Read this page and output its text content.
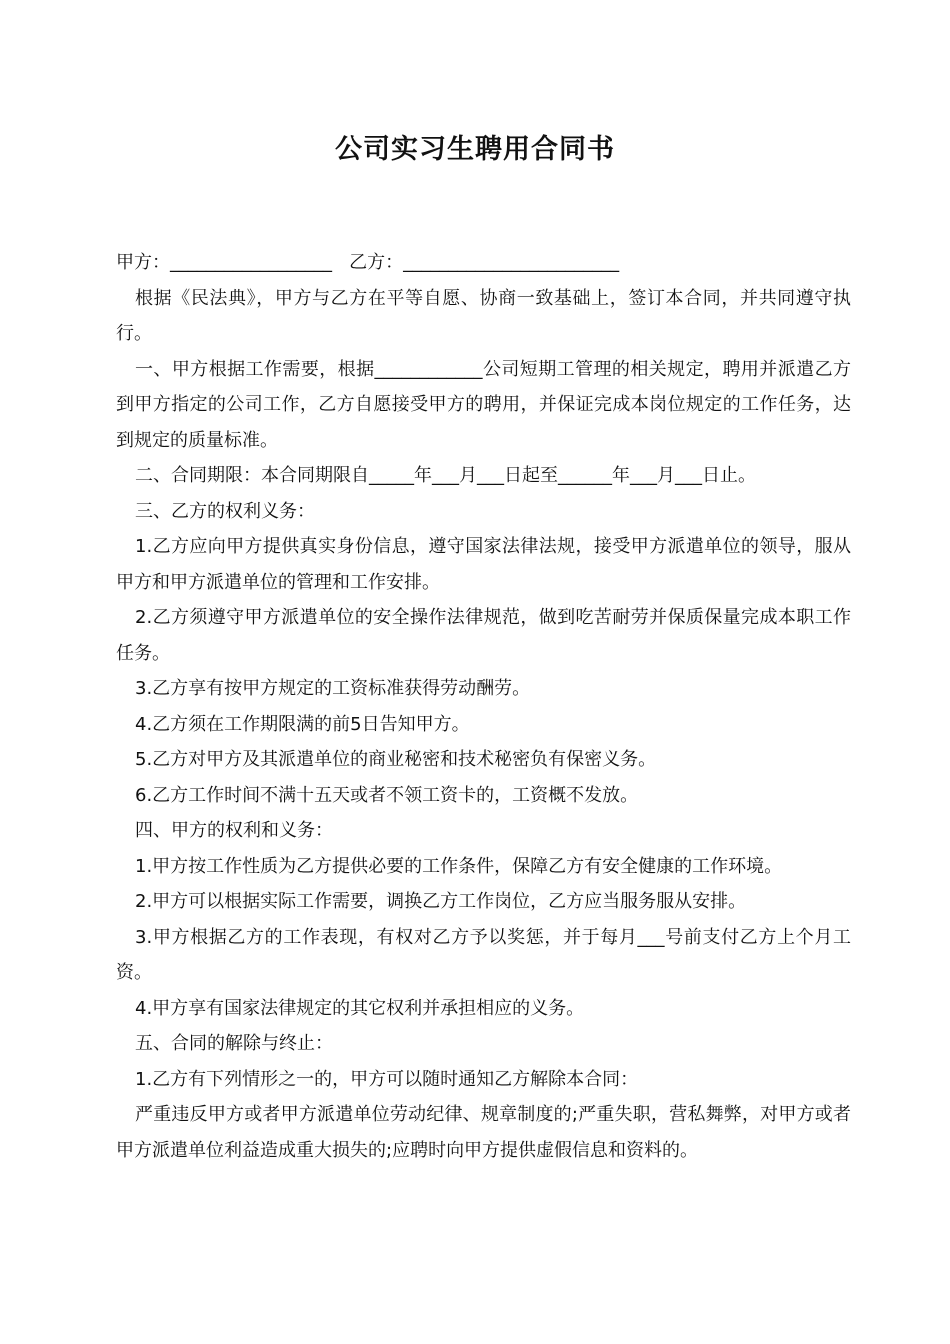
公司实习生聘用合同书

甲方：__________________   乙方：________________________

根据《民法典》，甲方与乙方在平等自愿、协商一致基础上，签订本合同，并共同遵守执行。

一、甲方根据工作需要，根据____________公司短期工管理的相关规定，聘用并派遣乙方到甲方指定的公司工作，乙方自愿接受甲方的聘用，并保证完成本岗位规定的工作任务，达到规定的质量标准。

二、合同期限：本合同期限自_____年___月___日起至______年___月___日止。

三、乙方的权利义务：

1.乙方应向甲方提供真实身份信息，遵守国家法律法规，接受甲方派遣单位的领导，服从甲方和甲方派遣单位的管理和工作安排。

2.乙方须遵守甲方派遣单位的安全操作法律规范，做到吃苦耐劳并保质保量完成本职工作任务。

3.乙方享有按甲方规定的工资标准获得劳动酬劳。

4.乙方须在工作期限满的前5日告知甲方。

5.乙方对甲方及其派遣单位的商业秘密和技术秘密负有保密义务。

6.乙方工作时间不满十五天或者不领工资卡的，工资概不发放。

四、甲方的权利和义务：

1.甲方按工作性质为乙方提供必要的工作条件，保障乙方有安全健康的工作环境。

2.甲方可以根据实际工作需要，调换乙方工作岗位，乙方应当服务服从安排。

3.甲方根据乙方的工作表现，有权对乙方予以奖惩，并于每月___号前支付乙方上个月工资。

4.甲方享有国家法律规定的其它权利并承担相应的义务。

五、合同的解除与终止：

1.乙方有下列情形之一的，甲方可以随时通知乙方解除本合同：

严重违反甲方或者甲方派遣单位劳动纪律、规章制度的;严重失职，营私舞弊，对甲方或者甲方派遣单位利益造成重大损失的;应聘时向甲方提供虚假信息和资料的。
